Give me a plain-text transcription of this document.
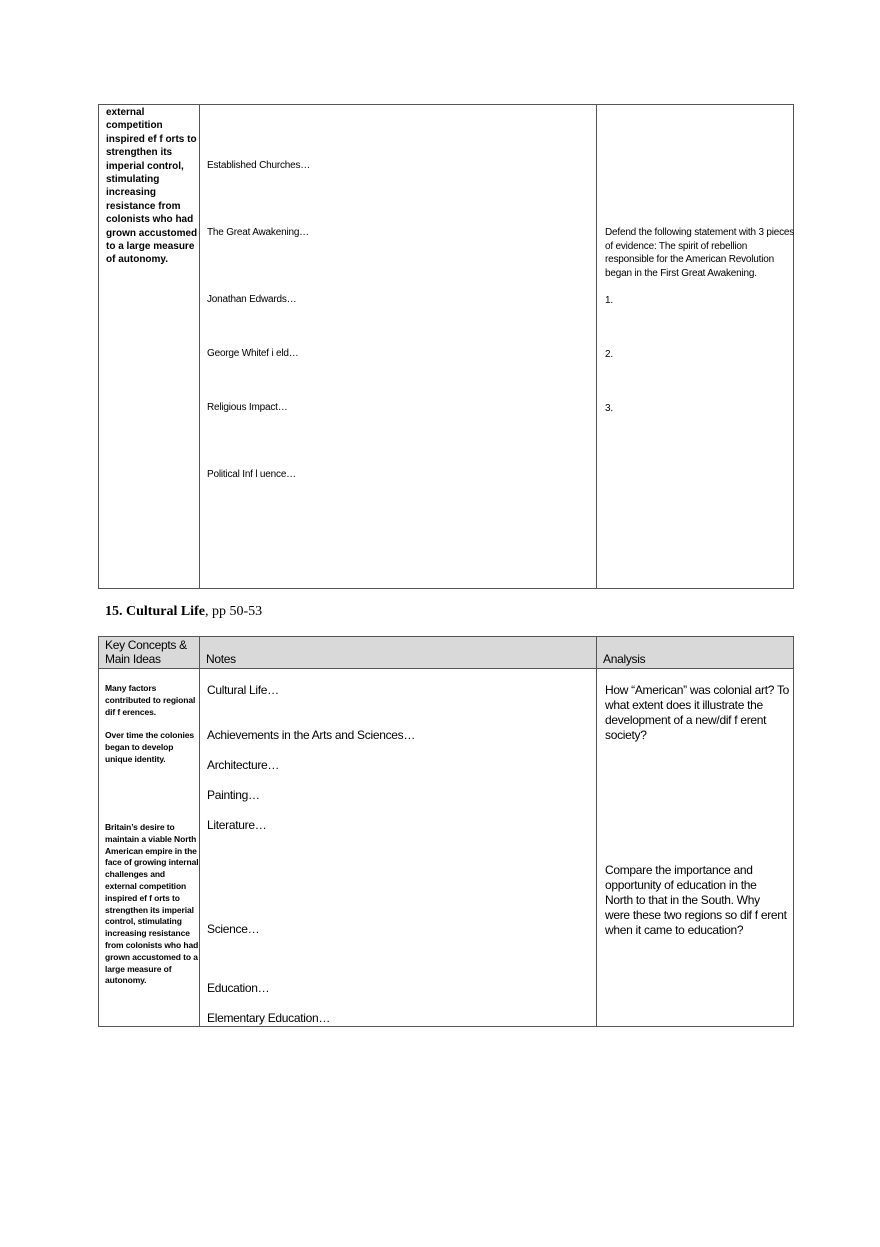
external competition inspired ef f orts to strengthen its imperial control, stimulating increasing resistance from colonists who had grown accustomed to a large measure of autonomy.
Established Churches…
The Great Awakening…
Jonathan Edwards…
George Whitef i eld…
Religious Impact…
Political Inf l uence…
Defend the following statement with 3 pieces of evidence: The spirit of rebellion responsible for the American Revolution began in the First Great Awakening.
1.
2.
3.
15. Cultural Life, pp 50-53
Key Concepts & Main Ideas	Notes	Analysis
Many factors contributed to regional dif f erences.
Over time the colonies began to develop unique identity.
Britain’s desire to maintain a viable North American empire in the face of growing internal challenges and external competition inspired ef f orts to strengthen its imperial control, stimulating increasing resistance from colonists who had grown accustomed to a large measure of autonomy.
Cultural Life…
Achievements in the Arts and Sciences…
Architecture…
Painting…
Literature…
Science…
Education…
Elementary Education…
How “American” was colonial art? To what extent does it illustrate the development of a new/dif f erent society?
Compare the importance and opportunity of education in the North to that in the South. Why were these two regions so dif f erent when it came to education?
